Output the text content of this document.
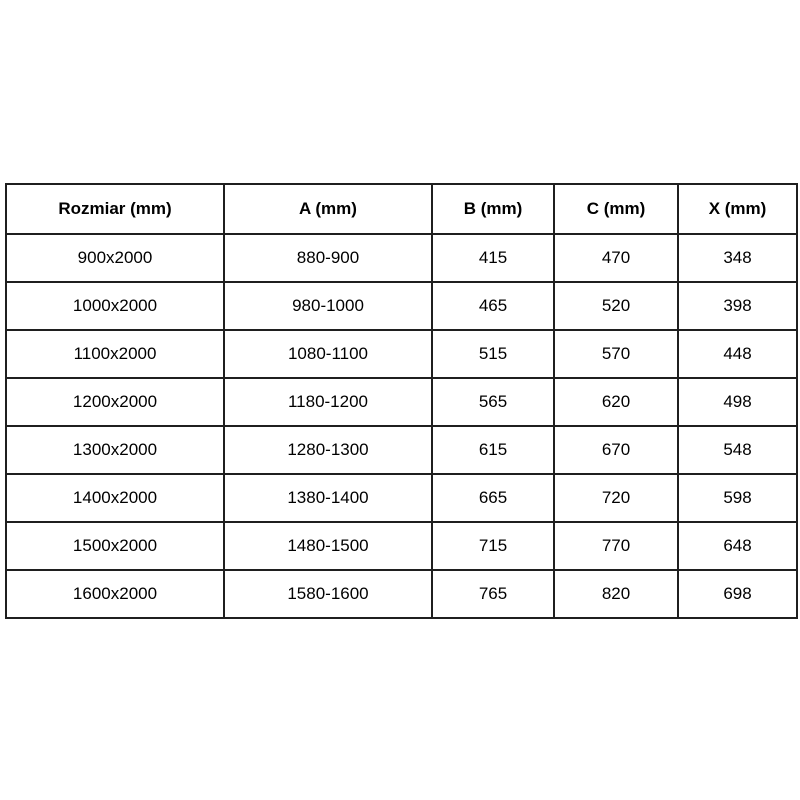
Rozmiar (mm)	A (mm)	B (mm)	C (mm)	X (mm)
900x2000	880-900	415	470	348
1000x2000	980-1000	465	520	398
1100x2000	1080-1100	515	570	448
1200x2000	1180-1200	565	620	498
1300x2000	1280-1300	615	670	548
1400x2000	1380-1400	665	720	598
1500x2000	1480-1500	715	770	648
1600x2000	1580-1600	765	820	698
